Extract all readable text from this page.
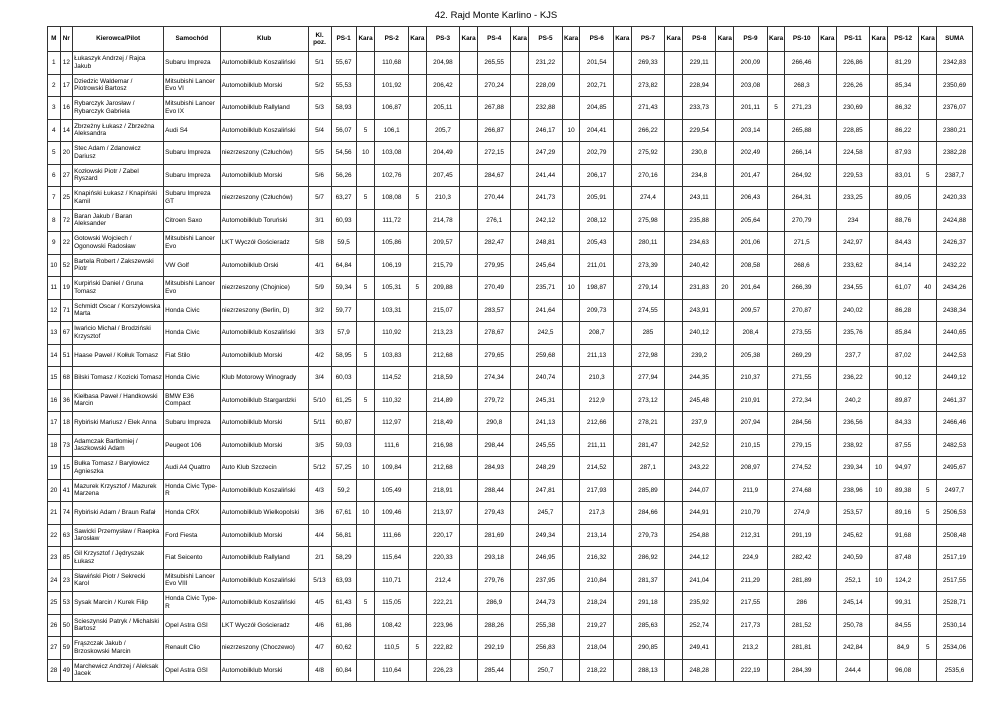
42. Rajd Monte Karlino - KJS
M	Nr	Kierowca/Pilot	Samochód	Klub	Kl. poz.	PS-1	Kara	PS-2	Kara	PS-3	Kara	PS-4	Kara	PS-5	Kara	PS-6	Kara	PS-7	Kara	PS-8	Kara	PS-9	Kara	PS-10	Kara	PS-11	Kara	PS-12	Kara	SUMA
1	12	Łukaszyk Andrzej / Rajca Jakub	Subaru Impreza	Automobilklub Koszaliński	5/1	55,67		110,68		204,98		265,55		231,22		201,54		269,33		229,11		200,09		266,46		226,86		81,29		2342,83
2	17	Dziedzic Waldemar / Piotrowski Bartosz	Mitsubishi Lancer Evo VI	Automobilklub Morski	5/2	55,53		101,92		206,42		270,24		228,09		202,71		273,82		228,94		203,08		268,3		226,26		85,34		2350,69
3	16	Rybarczyk Jarosław / Rybarczyk Gabriela	Mitsubishi Lancer Evo IX	Automobilklub Rallyland	5/3	58,93		106,87		205,11		267,88		232,88		204,85		271,43		233,73		201,11	5	271,23		230,69		86,32		2376,07
4	14	Zbrzeżny Łukasz / Zbrzeżna Aleksandra	Audi S4	Automobilklub Koszaliński	5/4	56,07	5	106,1		205,7		266,87		246,17	10	204,41		266,22		229,54		203,14		265,88		228,85		86,22		2380,21
5	20	Stec Adam / Zdanowicz Dariusz	Subaru Impreza	niezrzeszony (Człuchów)	5/5	54,56	10	103,08		204,49		272,15		247,29		202,79		275,92		230,8		202,49		266,14		224,58		87,93		2382,28
6	27	Kozłowski Piotr / Zabel Ryszard	Subaru Impreza	Automobilklub Morski	5/6	56,26		102,76		207,45		284,67		241,44		206,17		270,16		234,8		201,47		264,92		229,53		83,01	5	2387,7
7	25	Knapiński Łukasz / Knapiński Kamil	Subaru Impreza GT	niezrzeszony (Człuchów)	5/7	63,27	5	108,08	5	210,3		270,44		241,73		205,91		274,4		243,11		206,43		264,31		233,25		89,05		2420,33
8	72	Baran Jakub / Baran Aleksander	Citroen Saxo	Automobilklub Toruński	3/1	60,93		111,72		214,78		276,1		242,12		208,12		275,98		235,88		205,64		270,79		234		88,76		2424,88
9	22	Gotowski Wojciech / Ogonowski Radosław	Mitsubishi Lancer Evo	LKT Wyczół Gościeradz	5/8	59,5		105,86		209,57		282,47		248,81		205,43		280,11		234,63		201,06		271,5		242,97		84,43		2426,37
10	52	Bartela Robert / Zakszewski Piotr	VW Golf	Automobilklub Orski	4/1	64,84		106,19		215,79		279,95		245,64		211,01		273,39		240,42		208,58		268,6		233,62		84,14		2432,22
11	19	Kurpiński Daniel / Gruna Tomasz	Mitsubishi Lancer Evo	niezrzeszony (Chojnice)	5/9	59,34	5	105,31	5	209,88		270,49		235,71	10	198,87		279,14		231,83	20	201,64		266,39		234,55		61,07	40	2434,26
12	71	Schmidt Oscar / Korszyłowska Marta	Honda Civic	niezrzeszony (Berlin, D)	3/2	59,77		103,31		215,07		283,57		241,64		209,73		274,55		243,91		209,57		270,87		240,02		86,28		2438,34
13	67	Iwańcio Michał / Brodziński Krzysztof	Honda Civic	Automobilklub Koszaliński	3/3	57,9		110,92		213,23		278,67		242,5		208,7		285		240,12		208,4		273,55		235,76		85,84		2440,65
14	51	Haase Paweł / Kołłuk Tomasz	Fiat Stilo	Automobilklub Morski	4/2	58,95	5	103,83		212,68		279,65		259,68		211,13		272,98		239,2		205,38		269,29		237,7		87,02		2442,53
15	68	Bilski Tomasz / Kozicki Tomasz	Honda Civic	Klub Motorowy Winogrady	3/4	60,03		114,52		218,59		274,34		240,74		210,3		277,94		244,35		210,37		271,55		236,22		90,12		2449,12
16	36	Kiełbasa Paweł / Handkowski Marcin	BMW E36 Compact	Automobilklub Stargardzki	5/10	61,25	5	110,32		214,89		279,72		245,31		212,9		273,12		245,48		210,91		272,34		240,2		89,87		2461,37
17	18	Rybiński Mariusz / Elek Anna	Subaru Impreza	Automobilklub Morski	5/11	60,87		112,97		218,49		290,8		241,13		212,66		278,21		237,9		207,94		284,56		236,56		84,33		2466,46
18	73	Adamczak Bartłomiej / Jaszkowski Adam	Peugeot 106	Automobilklub Morski	3/5	59,03		111,6		216,98		298,44		245,55		211,11		281,47		242,52		210,15		279,15		238,92		87,55		2482,53
19	15	Bułka Tomasz / Baryłowicz Agnieszka	Audi A4 Quattro	Auto Klub Szczecin	5/12	57,25	10	109,84		212,68		284,93		248,29		214,52		287,1		243,22		208,97		274,52		239,34	10	94,97		2495,67
20	41	Mazurek Krzysztof / Mazurek Marzena	Honda Civic Type-R	Automobilklub Koszaliński	4/3	59,2		105,49		218,91		288,44		247,81		217,93		285,89		244,07		211,9		274,68		238,96	10	89,38	5	2497,7
21	74	Rybiński Adam / Braun Rafał	Honda CRX	Automobilklub Wielkopolski	3/6	67,61	10	109,46		213,97		279,43		245,7		217,3		284,66		244,91		210,79		274,9		253,57		89,16	5	2506,53
22	63	Sawicki Przemysław / Raepka Jarosław	Ford Fiesta	Automobilklub Morski	4/4	56,81		111,66		220,17		281,69		249,34		213,14		279,73		254,88		212,31		291,19		245,62		91,68		2508,48
23	85	Gil Krzysztof / Jędryszak Łukasz	Fiat Seicento	Automobilklub Rallyland	2/1	58,29		115,64		220,33		293,18		246,95		216,32		286,92		244,12		224,9		282,42		240,59		87,48		2517,19
24	23	Sławiński Piotr / Sekrecki Karol	Mitsubishi Lancer Evo VIII	Automobilklub Koszaliński	5/13	63,93		110,71		212,4		279,76		237,95		210,84		281,37		241,04		211,29		281,89		252,1	10	124,2		2517,55
25	53	Sysak Marcin / Kurek Filip	Honda Civic Type-R	Automobilklub Koszaliński	4/5	61,43	5	115,05		222,21		286,9		244,73		218,24		291,18		235,92		217,55		286		245,14		99,31		2528,71
26	50	Scieszynski Patryk / Michalski Bartosz	Opel Astra GSI	LKT Wyczół Gościeradz	4/6	61,86		108,42		223,96		288,26		255,38		219,27		285,63		252,74		217,73		281,52		250,78		84,55		2530,14
27	59	Frąszczak Jakub / Brzoskowski Marcin	Renault Clio	niezrzeszony (Choczewo)	4/7	60,62		110,5	5	222,82		292,19		256,83		218,04		290,85		249,41		213,2		281,81		242,84		84,9	5	2534,06
28	49	Marchewicz Andrzej / Aleksak Jacek	Opel Astra GSI	Automobilklub Morski	4/8	60,84		110,64		226,23		285,44		250,7		218,22		288,13		248,28		222,19		284,39		244,4		96,08		2535,6
